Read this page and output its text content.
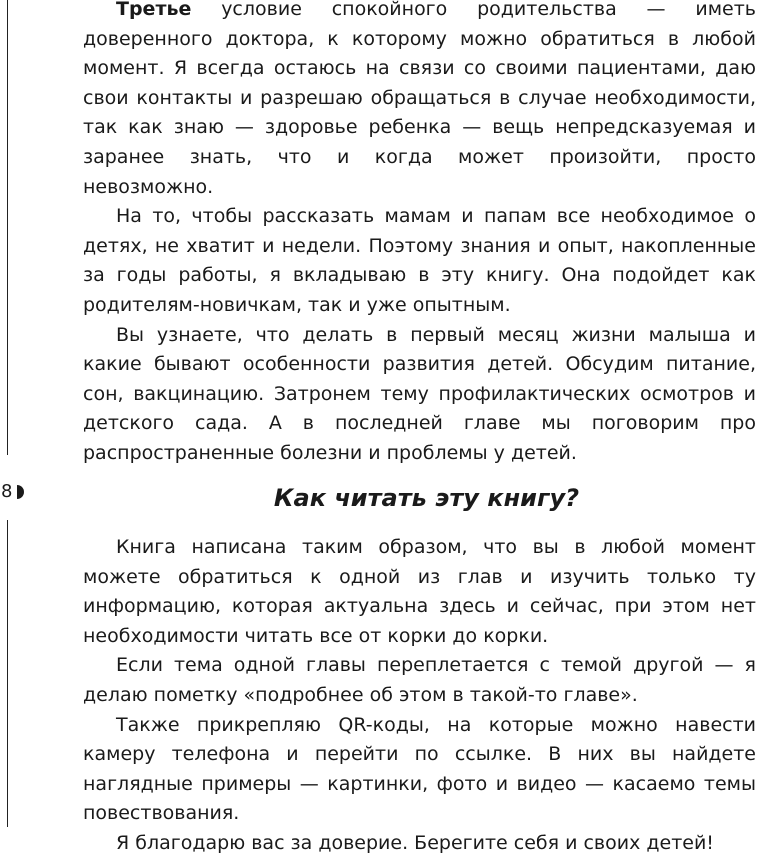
8

Третье условие спокойного родительства — иметь доверенного доктора, к которому можно обратиться в любой момент. Я всегда остаюсь на связи со своими пациентами, даю свои контакты и разрешаю обращаться в случае необходимости, так как знаю — здоровье ребенка — вещь непредсказуемая и заранее знать, что и когда может произойти, просто невозможно.

На то, чтобы рассказать мамам и папам все необходимое о детях, не хватит и недели. Поэтому знания и опыт, накопленные за годы работы, я вкладываю в эту книгу. Она подойдет как родителям-новичкам, так и уже опытным.

Вы узнаете, что делать в первый месяц жизни малыша и какие бывают особенности развития детей. Обсудим питание, сон, вакцинацию. Затронем тему профилактических осмотров и детского сада. А в последней главе мы поговорим про распространенные болезни и проблемы у детей.

Как читать эту книгу?

Книга написана таким образом, что вы в любой момент можете обратиться к одной из глав и изучить только ту информацию, которая актуальна здесь и сейчас, при этом нет необходимости читать все от корки до корки.

Если тема одной главы переплетается с темой другой — я делаю пометку «подробнее об этом в такой-то главе».

Также прикрепляю QR-коды, на которые можно навести камеру телефона и перейти по ссылке. В них вы найдете наглядные примеры — картинки, фото и видео — касаемо темы повествования.

Я благодарю вас за доверие. Берегите себя и своих детей!
